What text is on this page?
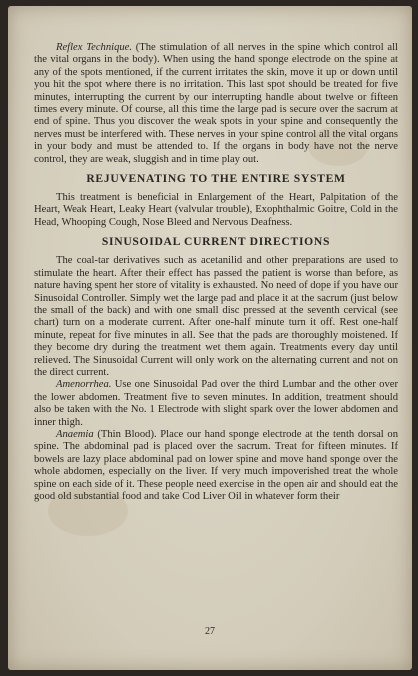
Reflex Technique. (The stimulation of all nerves in the spine which control all the vital organs in the body). When using the hand sponge electrode on the spine at any of the spots mentioned, if the current irritates the skin, move it up or down until you hit the spot where there is no irritation. This last spot should be treated for five minutes, interrupting the current by our interrupting handle about twelve or fifteen times every minute. Of course, all this time the large pad is secure over the sacrum at end of spine. Thus you discover the weak spots in your spine and consequently the nerves must be interfered with. These nerves in your spine control all the vital organs in your body and must be attended to. If the organs in body have not the nerve control, they are weak, sluggish and in time play out.

REJUVENATING TO THE ENTIRE SYSTEM

This treatment is beneficial in Enlargement of the Heart, Palpitation of the Heart, Weak Heart, Leaky Heart (valvular trouble), Exophthalmic Goitre, Cold in the Head, Whooping Cough, Nose Bleed and Nervous Deafness.

SINUSOIDAL CURRENT DIRECTIONS

The coal-tar derivatives such as acetanilid and other preparations are used to stimulate the heart. After their effect has passed the patient is worse than before, as nature having spent her store of vitality is exhausted. No need of dope if you have our Sinusoidal Controller. Simply wet the large pad and place it at the sacrum (just below the small of the back) and with one small disc pressed at the seventh cervical (see chart) turn on a moderate current. After one-half minute turn it off. Rest one-half minute, repeat for five minutes in all. See that the pads are thoroughly moistened. If they become dry during the treatment wet them again. Treatments every day until relieved. The Sinusoidal Current will only work on the alternating current and not on the direct current.

Amenorrhea. Use one Sinusoidal Pad over the third Lumbar and the other over the lower abdomen. Treatment five to seven minutes. In addition, treatment should also be taken with the No. 1 Electrode with slight spark over the lower abdomen and inner thigh.

Anaemia (Thin Blood). Place our hand sponge electrode at the tenth dorsal on spine. The abdominal pad is placed over the sacrum. Treat for fifteen minutes. If bowels are lazy place abdominal pad on lower spine and move hand sponge over the whole abdomen, especially on the liver. If very much impoverished treat the whole spine on each side of it. These people need exercise in the open air and should eat the good old substantial food and take Cod Liver Oil in whatever form their

27
